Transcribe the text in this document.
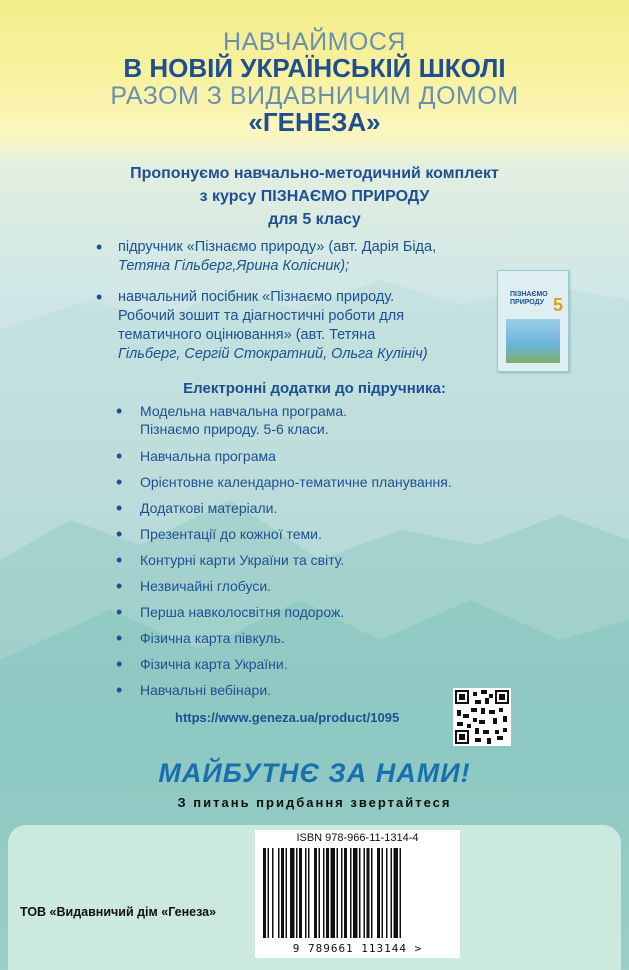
НАВЧАЙМОСЯ
В НОВІЙ УКРАЇНСЬКІЙ ШКОЛІ
РАЗОМ З ВИДАВНИЧИМ ДОМОМ
«ГЕНЕЗА»
Пропонуємо навчально-методичний комплект
з курсу ПІЗНАЄМО ПРИРОДУ
для 5 класу
• підручник «Пізнаємо природу» (авт. Дарія Біда,
Тетяна Гільберг,Ярина Колісник);
• навчальний посібник «Пізнаємо природу.
Робочий зошит та діагностичні роботи для
тематичного оцінювання» (авт. Тетяна
Гільберг, Сергій Стократний, Ольга Кулініч)
ПІЗНАЄМО ПРИРОДУ 5
Електронні додатки до підручника:
• Модельна навчальна програма.
Пізнаємо природу. 5-6 класи.
• Навчальна програма
• Орієнтовне календарно-тематичне планування.
• Додаткові матеріали.
• Презентації до кожної теми.
• Контурні карти України та світу.
• Незвичайні глобуси.
• Перша навколосвітня подорож.
• Фізична карта півкуль.
• Фізична карта України.
• Навчальні вебінари.
https://www.geneza.ua/product/1095
МАЙБУТНЄ ЗА НАМИ!
З питань придбання звертайтеся
ТОВ «Видавничий дім «Генеза»
ISBN 978-966-11-1314-4
9 789661 113144 >
